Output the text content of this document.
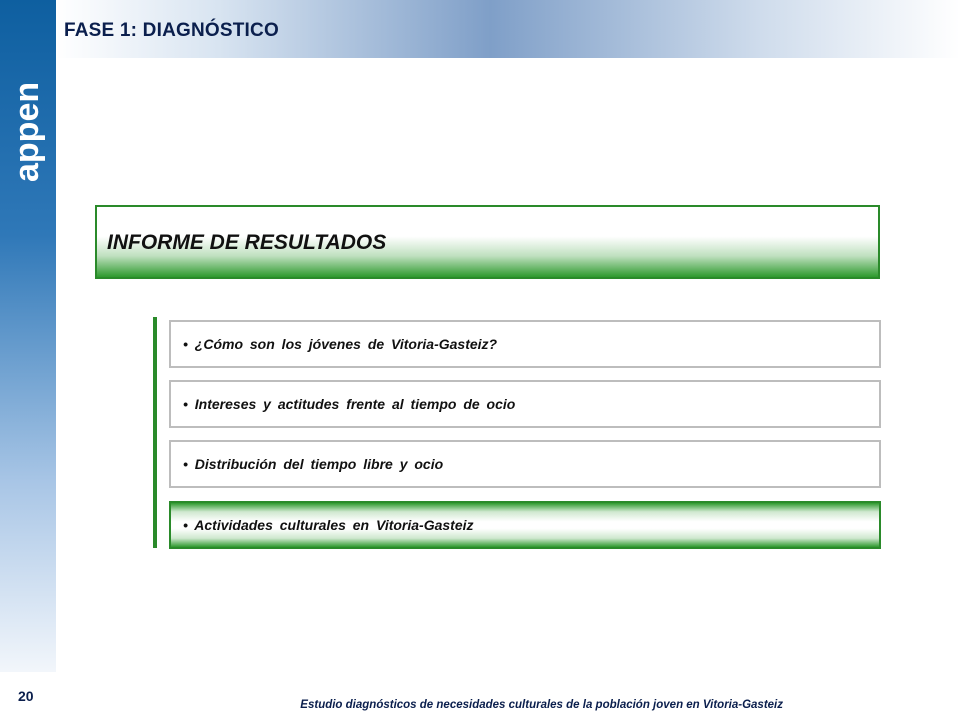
appen
FASE 1: DIAGNÓSTICO
INFORME DE RESULTADOS
• ¿Cómo son los jóvenes de Vitoria-Gasteiz?
• Intereses y actitudes frente al tiempo de ocio
• Distribución del tiempo libre y ocio
• Actividades culturales en Vitoria-Gasteiz
20
Estudio diagnósticos de necesidades culturales de la población joven en Vitoria-Gasteiz
